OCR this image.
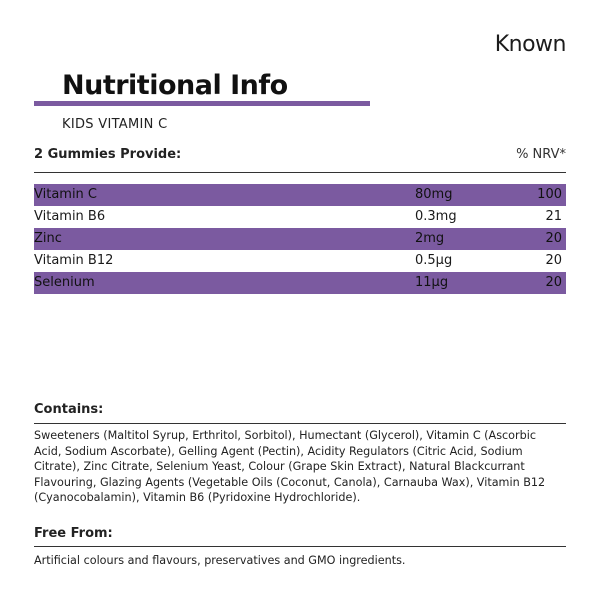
Known
Nutritional Info
KIDS VITAMIN C
2 Gummies Provide:	% NRV*
Vitamin C	80mg	100
Vitamin B6	0.3mg	21
Zinc	2mg	20
Vitamin B12	0.5µg	20
Selenium	11µg	20
Contains:
Sweeteners (Maltitol Syrup, Erthritol, Sorbitol), Humectant (Glycerol), Vitamin C (Ascorbic Acid, Sodium Ascorbate), Gelling Agent (Pectin), Acidity Regulators (Citric Acid, Sodium Citrate), Zinc Citrate, Selenium Yeast, Colour (Grape Skin Extract), Natural Blackcurrant Flavouring, Glazing Agents (Vegetable Oils (Coconut, Canola), Carnauba Wax), Vitamin B12 (Cyanocobalamin), Vitamin B6 (Pyridoxine Hydrochloride).
Free From:
Artificial colours and flavours, preservatives and GMO ingredients.
